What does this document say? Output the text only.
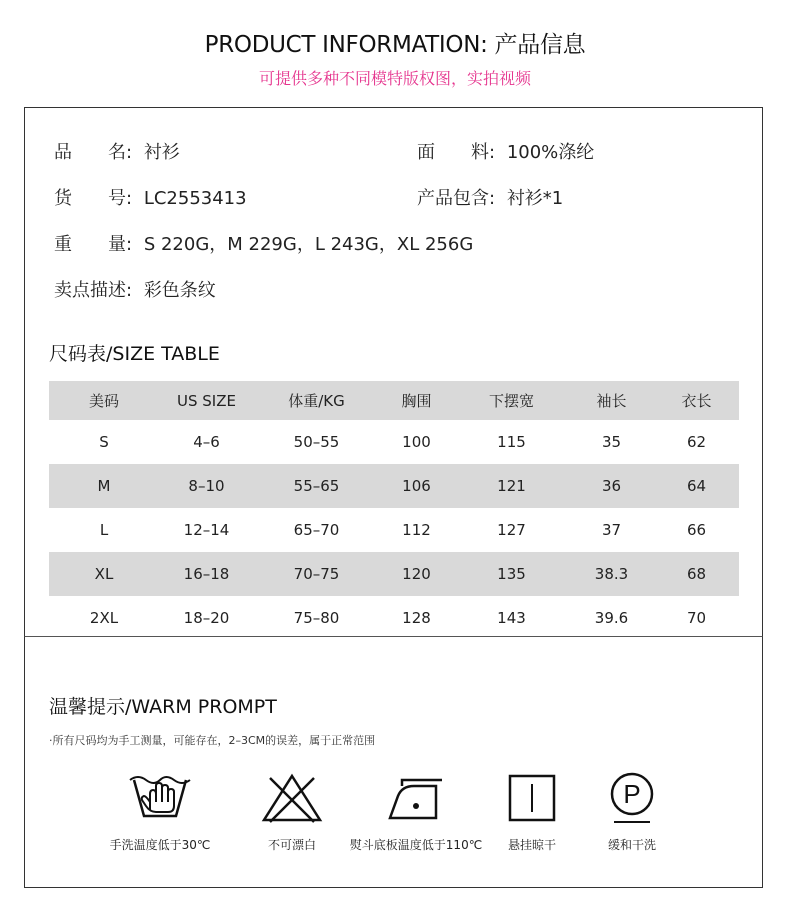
PRODUCT INFORMATION: 产品信息
可提供多种不同模特版权图，实拍视频
品　　名: 衬衫	面　　料: 100%涤纶
货　　号: LC2553413	产品包含: 衬衫*1
重　　量: S 220G，M 229G，L 243G，XL 256G
卖点描述: 彩色条纹
尺码表/SIZE TABLE
美码	US SIZE	体重/KG	胸围	下摆宽	袖长	衣长
S	4–6	50–55	100	115	35	62
M	8–10	55–65	106	121	36	64
L	12–14	65–70	112	127	37	66
XL	16–18	70–75	120	135	38.3	68
2XL	18–20	75–80	128	143	39.6	70
温馨提示/WARM PROMPT
·所有尺码均为手工测量，可能存在，2–3CM的误差，属于正常范围
手洗温度低于30℃	不可漂白	熨斗底板温度低于110℃	悬挂晾干
P
缓和干洗
